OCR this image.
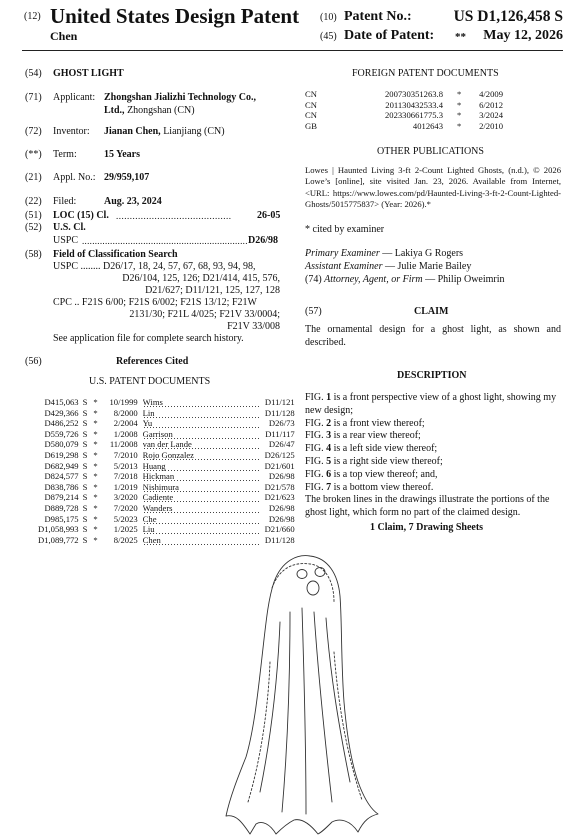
(12) United States Design Patent
Chen
(10) Patent No.:	US D1,126,458 S
(45) Date of Patent: ** May 12, 2026
(54) GHOST LIGHT
(71) Applicant: Zhongshan Jializhi Technology Co.,
Ltd., Zhongshan (CN)
(72) Inventor: Jianan Chen, Lianjiang (CN)
(**) Term:	15 Years
(21) Appl. No.: 29/959,107
(22) Filed:	Aug. 23, 2024
(51) LOC (15) Cl. ..........................................	26-05
(52) U.S. Cl.
USPC ................................................................. D26/98
(58) Field of Classification Search
USPC ........ D26/17, 18, 24, 57, 67, 68, 93, 94, 98,
D26/104, 125, 126; D21/414, 415, 576,
D21/627; D11/121, 125, 127, 128
CPC .. F21S 6/00; F21S 6/002; F21S 13/12; F21W
2131/30; F21L 4/025; F21V 33/0004;
F21V 33/008
See application file for complete search history.
(56)	References Cited
U.S. PATENT DOCUMENTS
D415,063	S	*	10/1999	Wims	D11/121
D429,366	S	*	8/2000	Lin	D11/128
D486,252	S	*	2/2004	Yu	D26/73
D559,726	S	*	1/2008	Garrison	D11/117
D580,079	S	*	11/2008	van der Lande	D26/47
D619,298	S	*	7/2010	Rojo Gonzalez	D26/125
D682,949	S	*	5/2013	Huang	D21/601
D824,577	S	*	7/2018	Hickman	D26/98
D838,786	S	*	1/2019	Nishimura	D21/578
D879,214	S	*	3/2020	Cadiente	D21/623
D889,728	S	*	7/2020	Wanders	D26/98
D985,175	S	*	5/2023	Che	D26/98
D1,058,993	S	*	1/2025	Liu	D21/660
D1,089,772	S	*	8/2025	Chen	D11/128
FOREIGN PATENT DOCUMENTS
CN	200730351263.8	*	4/2009
CN	201130432533.4	*	6/2012
CN	202330661775.3	*	3/2024
GB	4012643	*	2/2010
OTHER PUBLICATIONS
Lowes | Haunted Living 3-ft 2-Count Lighted Ghosts, (n.d.), © 2026 Lowe’s [online], site visited Jan. 23, 2026. Available from Internet, <URL: https://www.lowes.com/pd/Haunted-Living-3-ft-2-Count-Lighted-Ghosts/5015775837> (Year: 2026).*
* cited by examiner
Primary Examiner — Lakiya G Rogers
Assistant Examiner — Julie Marie Bailey
(74) Attorney, Agent, or Firm — Philip Oweimrin
(57)	CLAIM
The ornamental design for a ghost light, as shown and described.
DESCRIPTION
FIG. 1 is a front perspective view of a ghost light, showing my new design;
FIG. 2 is a front view thereof;
FIG. 3 is a rear view thereof;
FIG. 4 is a left side view thereof;
FIG. 5 is a right side view thereof;
FIG. 6 is a top view thereof; and,
FIG. 7 is a bottom view thereof.
The broken lines in the drawings illustrate the portions of the ghost light, which form no part of the claimed design.
1 Claim, 7 Drawing Sheets
